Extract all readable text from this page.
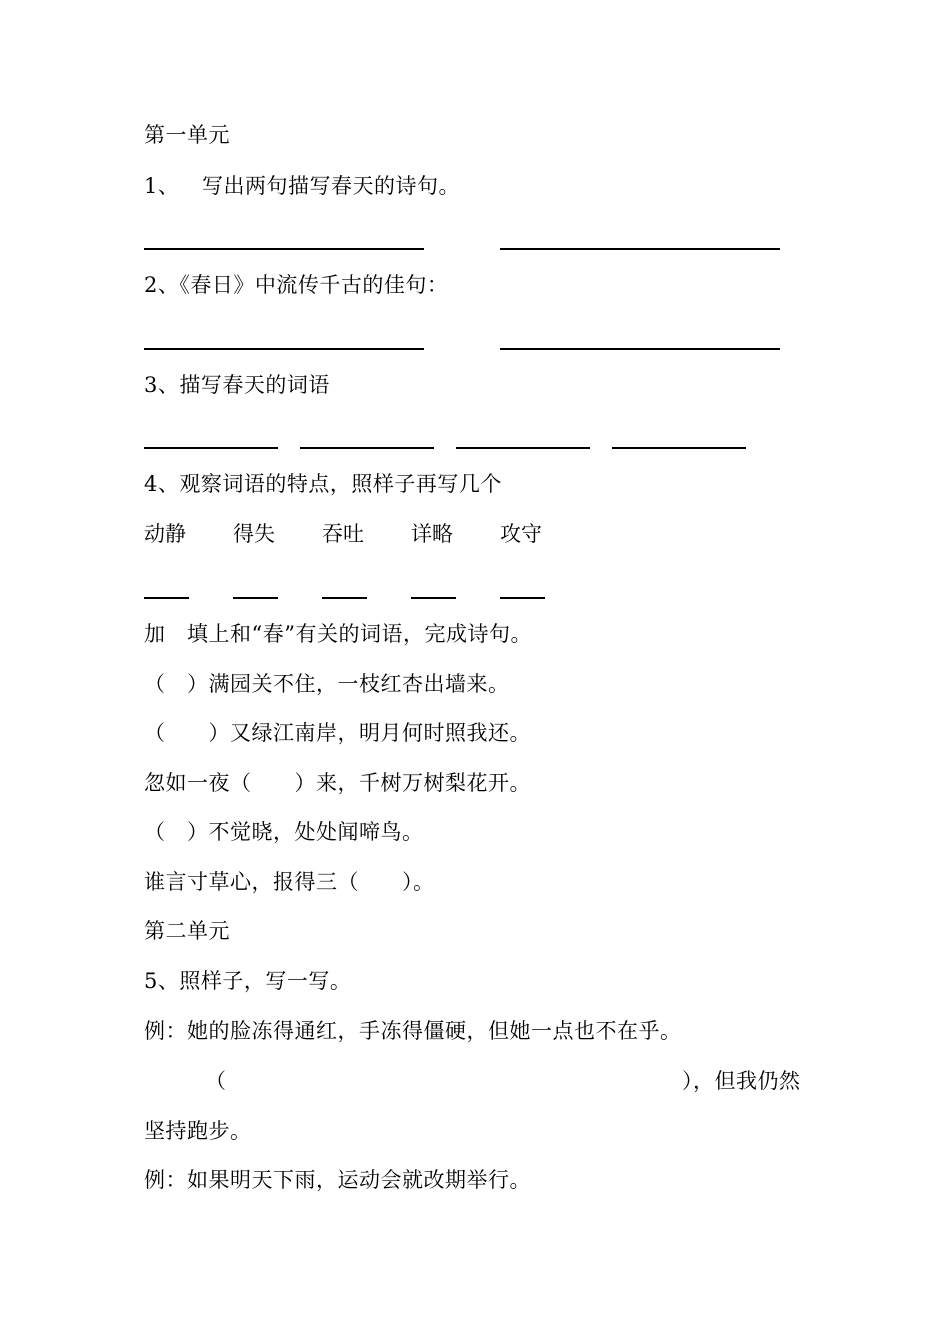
第一单元
1、 写出两句描写春天的诗句。
2、《春日》中流传千古的佳句：
3、描写春天的词语
4、观察词语的特点，照样子再写几个
动静 得失 吞吐 详略 攻守
加　填上和“春”有关的词语，完成诗句。
（　）满园关不住，一枝红杏出墙来。
（　　）又绿江南岸，明月何时照我还。
忽如一夜（　　）来，千树万树梨花开。
（　）不觉晓，处处闻啼鸟。
谁言寸草心，报得三（　　）。
第二单元
5、照样子，写一写。
例：她的脸冻得通红，手冻得僵硬，但她一点也不在乎。
（	），但我仍然
坚持跑步。
例：如果明天下雨，运动会就改期举行。
